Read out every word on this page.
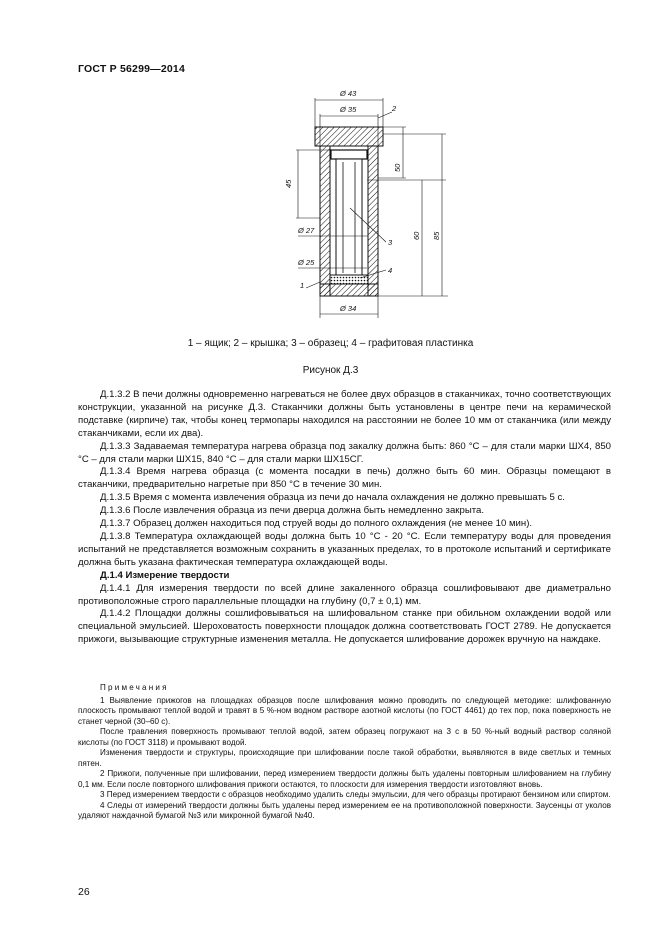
ГОСТ Р 56299—2014
Ø 43
Ø 35	2
45
50
60 85
Ø 27
Ø 25
1
3
4
Ø 34
1 – ящик; 2 – крышка; 3 – образец; 4 – графитовая пластинка
Рисунок Д.3

Д.1.3.2 В печи должны одновременно нагреваться не более двух образцов в стаканчиках, точно соответствующих конструкции, указанной на рисунке Д.3. Стаканчики должны быть установлены в центре печи на керамической подставке (кирпиче) так, чтобы конец термопары находился на расстоянии не более 10 мм от стаканчика (или между стаканчиками, если их два).

Д.1.3.3 Задаваемая температура нагрева образца под закалку должна быть: 860 °С – для стали марки ШХ4, 850 °С – для стали марки ШХ15, 840 °С – для стали марки ШХ15СГ.

Д.1.3.4 Время нагрева образца (с момента посадки в печь) должно быть 60 мин. Образцы помещают в стаканчики, предварительно нагретые при 850 °С в течение 30 мин.

Д.1.3.5 Время с момента извлечения образца из печи до начала охлаждения не должно превышать 5 с.

Д.1.3.6 После извлечения образца из печи дверца должна быть немедленно закрыта.

Д.1.3.7 Образец должен находиться под струей воды до полного охлаждения (не менее 10 мин).

Д.1.3.8 Температура охлаждающей воды должна быть 10 °С - 20 °С. Если температуру воды для проведения испытаний не представляется возможным сохранить в указанных пределах, то в протоколе испытаний и сертификате должна быть указана фактическая температура охлаждающей воды.

Д.1.4 Измерение твердости

Д.1.4.1 Для измерения твердости по всей длине закаленного образца сошлифовывают две диаметрально противоположные строго параллельные площадки на глубину (0,7 ± 0,1) мм.

Д.1.4.2 Площадки должны сошлифовываться на шлифовальном станке при обильном охлаждении водой или специальной эмульсией. Шероховатость поверхности площадок должна соответствовать ГОСТ 2789. Не допускается прижоги, вызывающие структурные изменения металла. Не допускается шлифование дорожек вручную на наждаке.

Примечания

1 Выявление прижогов на площадках образцов после шлифования можно проводить по следующей методике: шлифованную плоскость промывают теплой водой и травят в 5 %-ном водном растворе азотной кислоты (по ГОСТ 4461) до тех пор, пока поверхность не станет черной (30–60 с).

После травления поверхность промывают теплой водой, затем образец погружают на 3 с в 50 %-ный водный раствор соляной кислоты (по ГОСТ 3118) и промывают водой.

Изменения твердости и структуры, происходящие при шлифовании после такой обработки, выявляются в виде светлых и темных пятен.

2 Прижоги, полученные при шлифовании, перед измерением твердости должны быть удалены повторным шлифованием на глубину 0,1 мм. Если после повторного шлифования прижоги остаются, то плоскости для измерения твердости изготовляют вновь.

3 Перед измерением твердости с образцов необходимо удалить следы эмульсии, для чего образцы протирают бензином или спиртом.

4 Следы от измерений твердости должны быть удалены перед измерением ее на противоположной поверхности. Заусенцы от уколов удаляют наждачной бумагой №3 или микронной бумагой №40.

26
